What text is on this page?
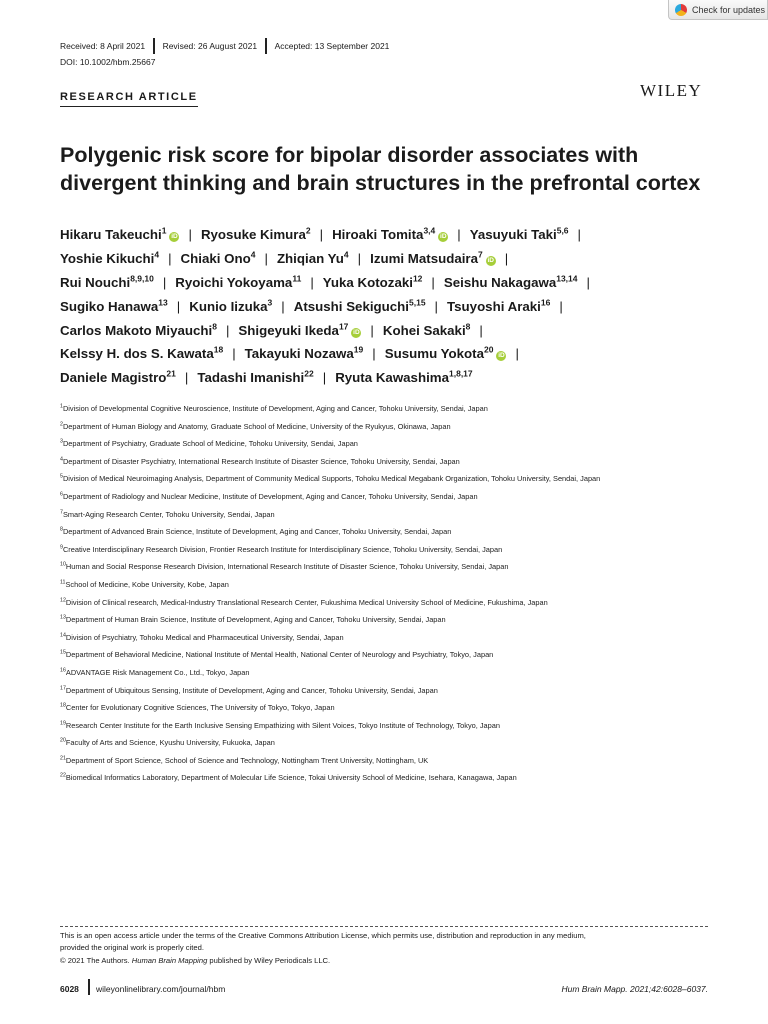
Check for updates
Received: 8 April 2021 Revised: 26 August 2021 Accepted: 13 September 2021
DOI: 10.1002/hbm.25667
RESEARCH ARTICLE	WILEY
Polygenic risk score for bipolar disorder associates with divergent thinking and brain structures in the prefrontal cortex
Hikaru Takeuchi$^1$iD | Ryosuke Kimura$^2$ | Hiroaki Tomita$^{3,4}$iD | Yasuyuki Taki$^{5,6}$ |
Yoshie Kikuchi$^4$ | Chiaki Ono$^4$ | Zhiqian Yu$^4$ | Izumi Matsudaira$^7$iD |
Rui Nouchi$^{8,9,10}$ | Ryoichi Yokoyama$^{11}$ | Yuka Kotozaki$^{12}$ | Seishu Nakagawa$^{13,14}$ |
Sugiko Hanawa$^{13}$ | Kunio Iizuka$^3$ | Atsushi Sekiguchi$^{5,15}$ | Tsuyoshi Araki$^{16}$ |
Carlos Makoto Miyauchi$^8$ | Shigeyuki Ikeda$^{17}$iD | Kohei Sakaki$^8$ |
Kelssy H. dos S. Kawata$^{18}$ | Takayuki Nozawa$^{19}$ | Susumu Yokota$^{20}$iD |
Daniele Magistro$^{21}$ | Tadashi Imanishi$^{22}$ | Ryuta Kawashima$^{1,8,17}$
$^1$Division of Developmental Cognitive Neuroscience, Institute of Development, Aging and Cancer, Tohoku University, Sendai, Japan
$^2$Department of Human Biology and Anatomy, Graduate School of Medicine, University of the Ryukyus, Okinawa, Japan
$^3$Department of Psychiatry, Graduate School of Medicine, Tohoku University, Sendai, Japan
$^4$Department of Disaster Psychiatry, International Research Institute of Disaster Science, Tohoku University, Sendai, Japan
$^5$Division of Medical Neuroimaging Analysis, Department of Community Medical Supports, Tohoku Medical Megabank Organization, Tohoku University, Sendai, Japan
$^6$Department of Radiology and Nuclear Medicine, Institute of Development, Aging and Cancer, Tohoku University, Sendai, Japan
$^7$Smart-Aging Research Center, Tohoku University, Sendai, Japan
$^8$Department of Advanced Brain Science, Institute of Development, Aging and Cancer, Tohoku University, Sendai, Japan
$^9$Creative Interdisciplinary Research Division, Frontier Research Institute for Interdisciplinary Science, Tohoku University, Sendai, Japan
$^{10}$Human and Social Response Research Division, International Research Institute of Disaster Science, Tohoku University, Sendai, Japan
$^{11}$School of Medicine, Kobe University, Kobe, Japan
$^{12}$Division of Clinical research, Medical-Industry Translational Research Center, Fukushima Medical University School of Medicine, Fukushima, Japan
$^{13}$Department of Human Brain Science, Institute of Development, Aging and Cancer, Tohoku University, Sendai, Japan
$^{14}$Division of Psychiatry, Tohoku Medical and Pharmaceutical University, Sendai, Japan
$^{15}$Department of Behavioral Medicine, National Institute of Mental Health, National Center of Neurology and Psychiatry, Tokyo, Japan
$^{16}$ADVANTAGE Risk Management Co., Ltd., Tokyo, Japan
$^{17}$Department of Ubiquitous Sensing, Institute of Development, Aging and Cancer, Tohoku University, Sendai, Japan
$^{18}$Center for Evolutionary Cognitive Sciences, The University of Tokyo, Tokyo, Japan
$^{19}$Research Center Institute for the Earth Inclusive Sensing Empathizing with Silent Voices, Tokyo Institute of Technology, Tokyo, Japan
$^{20}$Faculty of Arts and Science, Kyushu University, Fukuoka, Japan
$^{21}$Department of Sport Science, School of Science and Technology, Nottingham Trent University, Nottingham, UK
$^{22}$Biomedical Informatics Laboratory, Department of Molecular Life Science, Tokai University School of Medicine, Isehara, Kanagawa, Japan
This is an open access article under the terms of the Creative Commons Attribution License, which permits use, distribution and reproduction in any medium,
provided the original work is properly cited.
© 2021 The Authors. Human Brain Mapping published by Wiley Periodicals LLC.
6028 wileyonlinelibrary.com/journal/hbm	Hum Brain Mapp. 2021;42:6028–6037.
